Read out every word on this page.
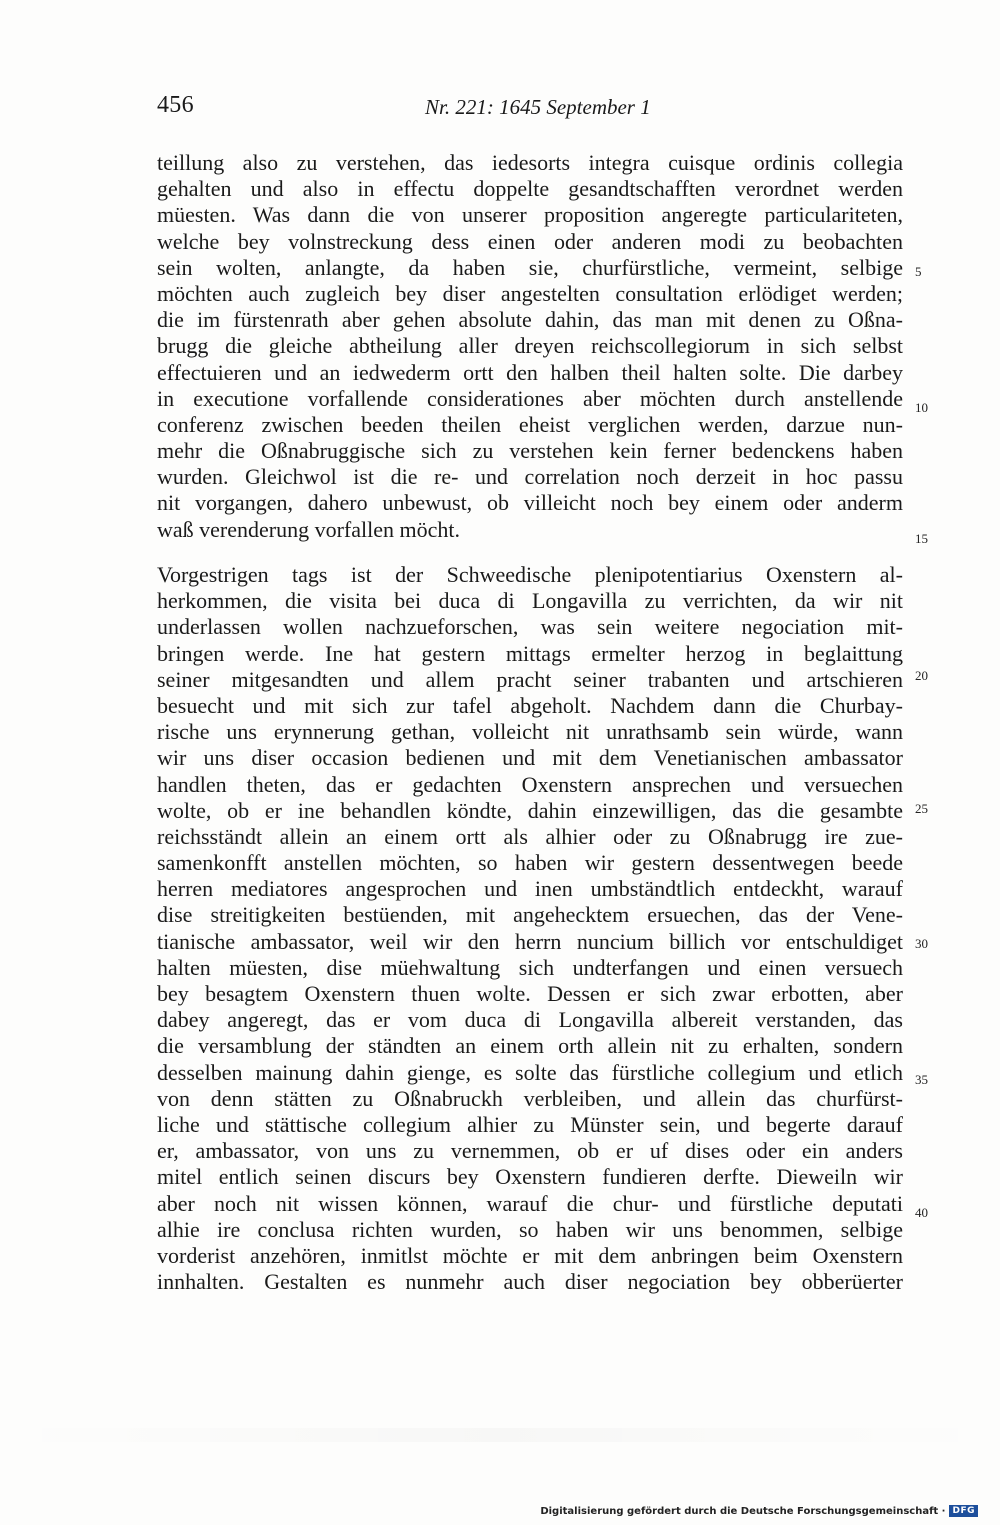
456	Nr. 221: 1645 September 1
teillung also zu verstehen, das iedesorts integra cuisque ordinis collegia
gehalten und also in effectu doppelte gesandtschafften verordnet werden
müesten. Was dann die von unserer proposition angeregte particulariteten,
welche bey volnstreckung dess einen oder anderen modi zu beobachten
sein wolten, anlangte, da haben sie, churfürstliche, vermeint, selbige
möchten auch zugleich bey diser angestelten consultation erlödiget werden;
die im fürstenrath aber gehen absolute dahin, das man mit denen zu Oßna-
brugg die gleiche abtheilung aller dreyen reichscollegiorum in sich selbst
effectuieren und an iedwederm ortt den halben theil halten solte. Die darbey
in executione vorfallende considerationes aber möchten durch anstellende
conferenz zwischen beeden theilen eheist verglichen werden, darzue nun-
mehr die Oßnabruggische sich zu verstehen kein ferner bedenckens haben
wurden. Gleichwol ist die re- und correlation noch derzeit in hoc passu
nit vorgangen, dahero unbewust, ob villeicht noch bey einem oder anderm
waß verenderung vorfallen möcht.
Vorgestrigen tags ist der Schweedische plenipotentiarius Oxenstern al-
herkommen, die visita bei duca di Longavilla zu verrichten, da wir nit
underlassen wollen nachzueforschen, was sein weitere negociation mit-
bringen werde. Ine hat gestern mittags ermelter herzog in beglaittung
seiner mitgesandten und allem pracht seiner trabanten und artschieren
besuecht und mit sich zur tafel abgeholt. Nachdem dann die Churbay-
rische uns erynnerung gethan, volleicht nit unrathsamb sein würde, wann
wir uns diser occasion bedienen und mit dem Venetianischen ambassator
handlen theten, das er gedachten Oxenstern ansprechen und versuechen
wolte, ob er ine behandlen köndte, dahin einzewilligen, das die gesambte
reichsständt allein an einem ortt als alhier oder zu Oßnabrugg ire zue-
samenkonfft anstellen möchten, so haben wir gestern dessentwegen beede
herren mediatores angesprochen und inen umbständtlich entdeckht, warauf
dise streitigkeiten bestüenden, mit angehecktem ersuechen, das der Vene-
tianische ambassator, weil wir den herrn nuncium billich vor entschuldiget
halten müesten, dise müehwaltung sich undterfangen und einen versuech
bey besagtem Oxenstern thuen wolte. Dessen er sich zwar erbotten, aber
dabey angeregt, das er vom duca di Longavilla albereit verstanden, das
die versamblung der ständten an einem orth allein nit zu erhalten, sondern
desselben mainung dahin gienge, es solte das fürstliche collegium und etlich
von denn stätten zu Oßnabruckh verbleiben, und allein das churfürst-
liche und stättische collegium alhier zu Münster sein, und begerte darauf
er, ambassator, von uns zu vernemmen, ob er uf dises oder ein anders
mitel entlich seinen discurs bey Oxenstern fundieren derfte. Dieweiln wir
aber noch nit wissen können, warauf die chur- und fürstliche deputati
alhie ire conclusa richten wurden, so haben wir uns benommen, selbige
vorderist anzehören, inmitlst möchte er mit dem anbringen beim Oxenstern
innhalten. Gestalten es nunmehr auch diser negociation bey obberüerter
5
10
15
20
25
30
35
40
Digitalisierung gefördert durch die Deutsche Forschungsgemeinschaft · DFG
